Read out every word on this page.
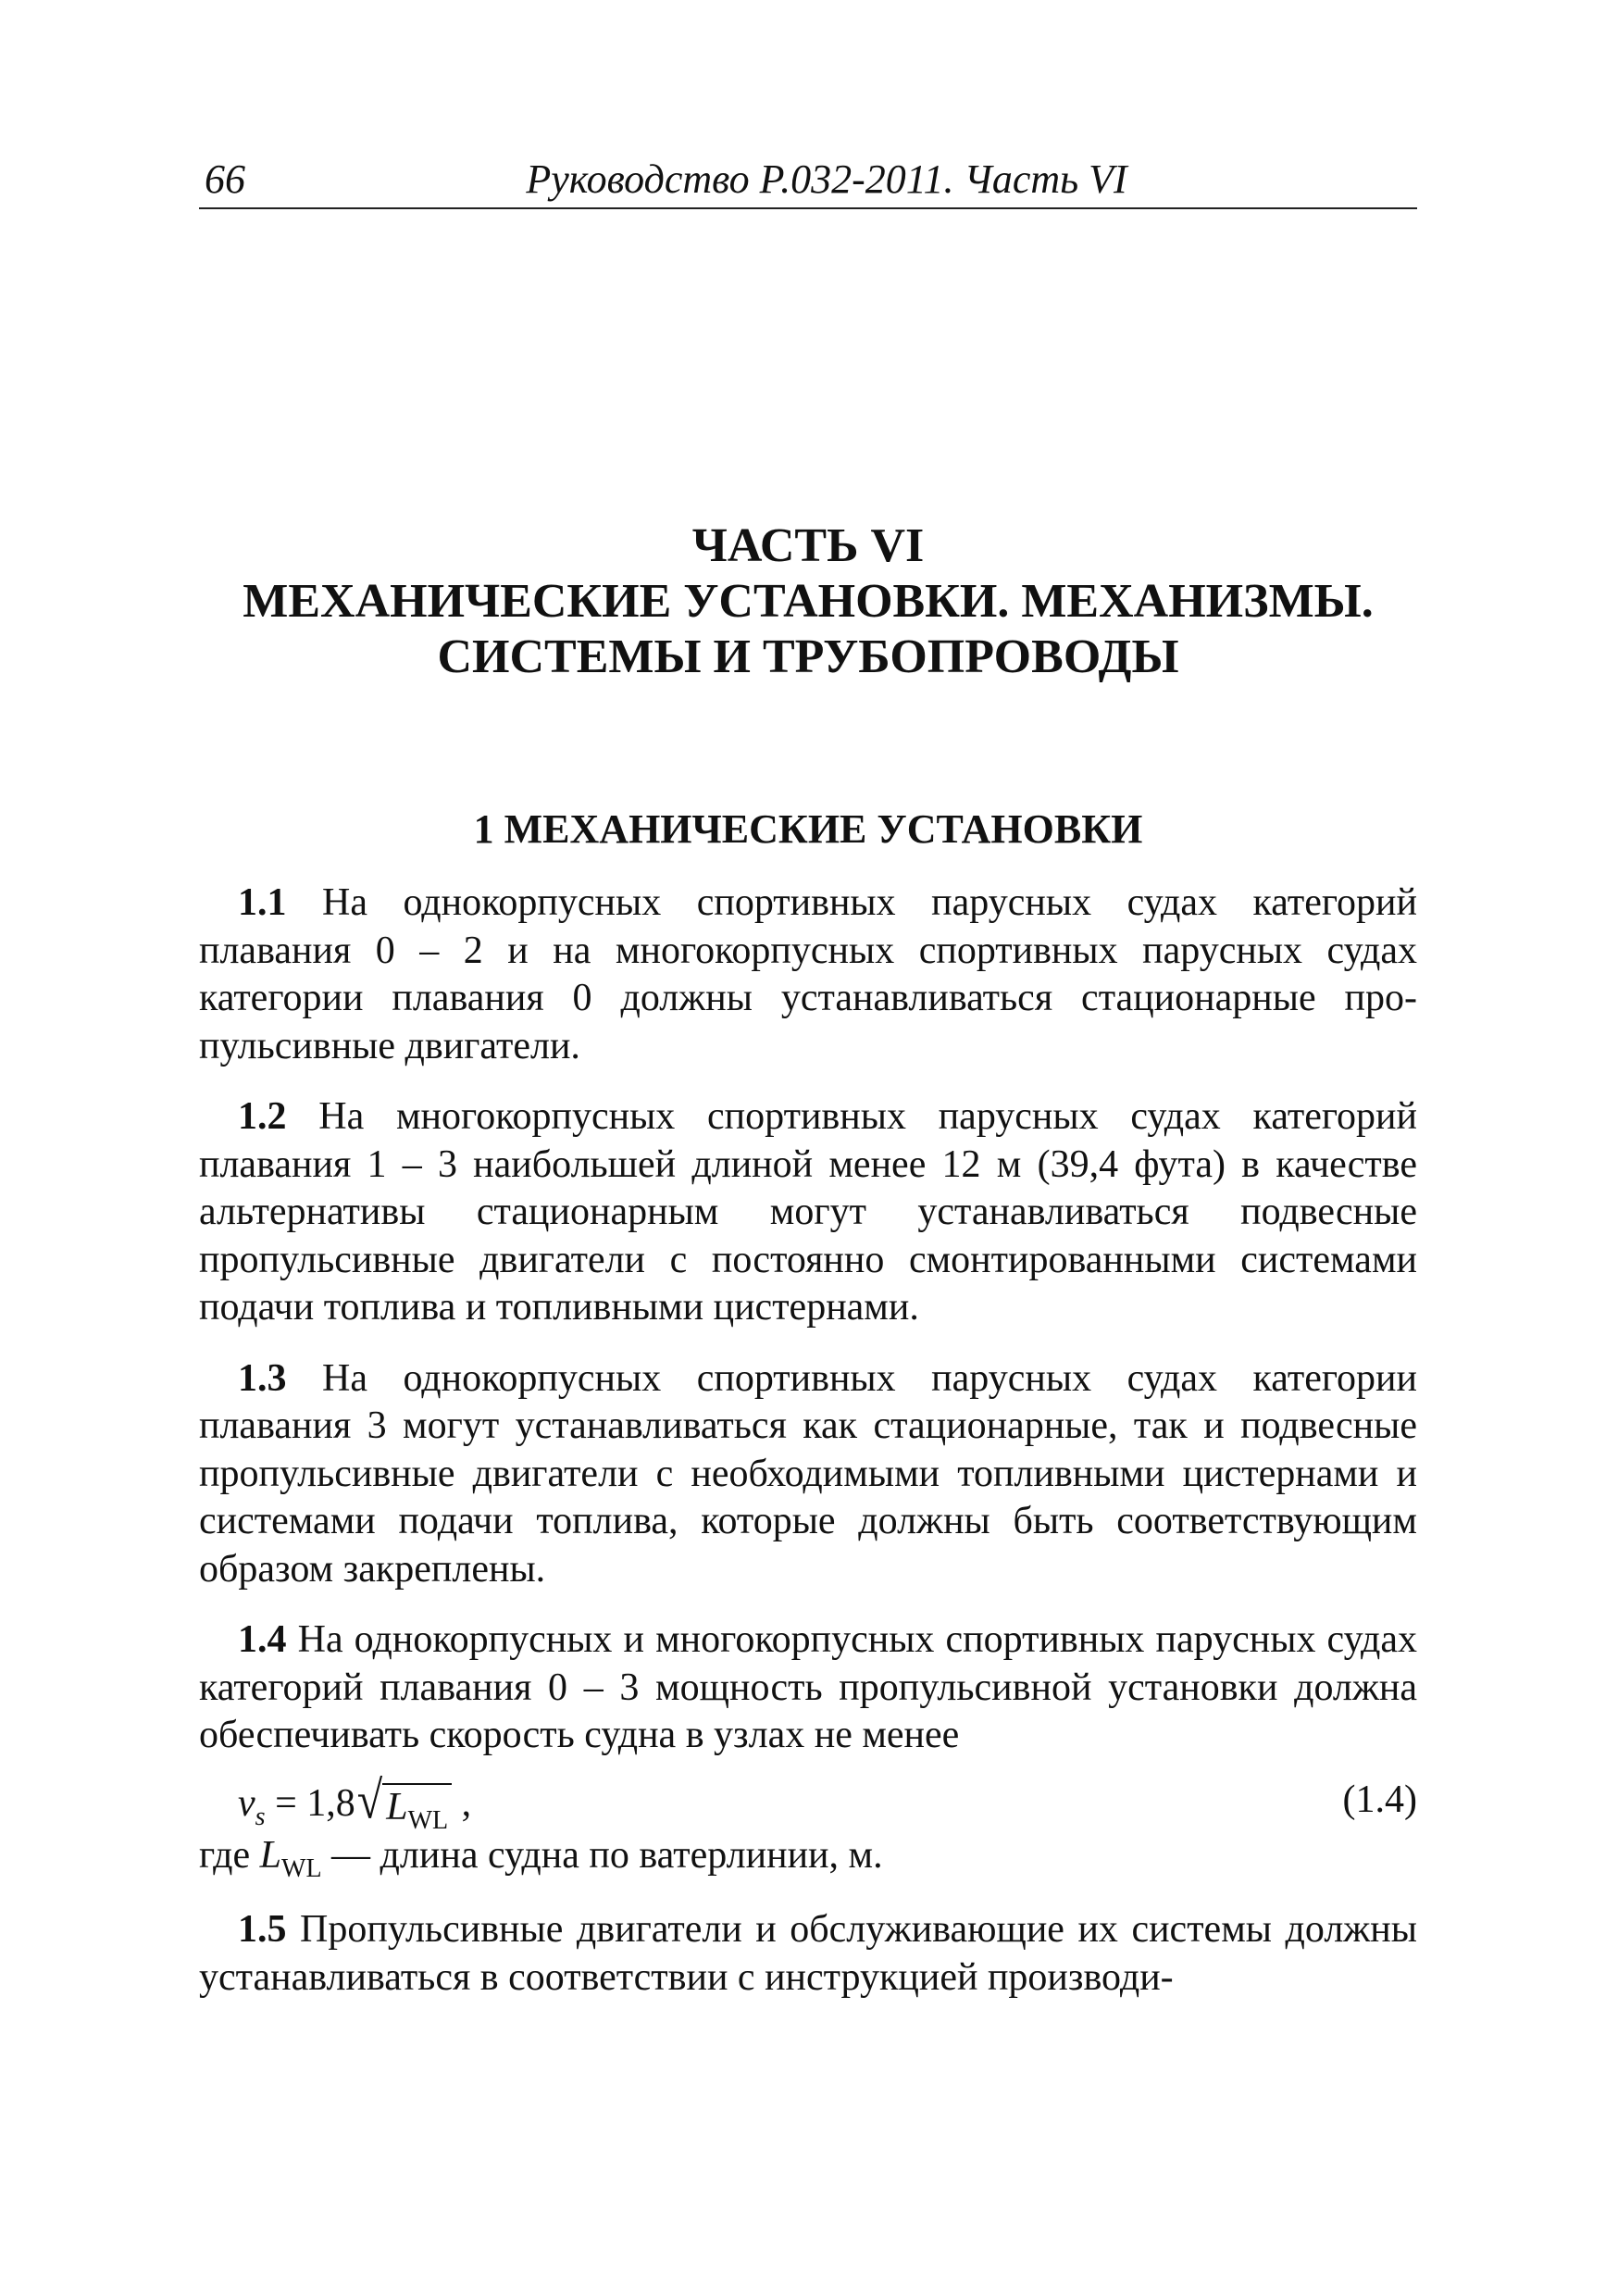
66	Руководство Р.032-2011. Часть VI
ЧАСТЬ VI
МЕХАНИЧЕСКИЕ УСТАНОВКИ. МЕХАНИЗМЫ.
СИСТЕМЫ И ТРУБОПРОВОДЫ
1 МЕХАНИЧЕСКИЕ УСТАНОВКИ

1.1 На однокорпусных спортивных парусных судах категорий плавания 0 – 2 и на многокорпусных спортивных парусных судах категории плавания 0 должны устанавливаться стационарные пропульсивные двигатели.

1.2 На многокорпусных спортивных парусных судах категорий плавания 1 – 3 наибольшей длиной менее 12 м (39,4 фута) в качестве альтернативы стационарным могут устанавливаться подвесные пропульсивные двигатели с постоянно смонтированными системами подачи топлива и топливными цистернами.

1.3 На однокорпусных спортивных парусных судах категории плавания 3 могут устанавливаться как стационарные, так и подвесные пропульсивные двигатели с необходимыми топливными цистернами и системами подачи топлива, которые должны быть соответствующим образом закреплены.

1.4 На однокорпусных и многокорпусных спортивных парусных судах категорий плавания 0 – 3 мощность пропульсивной установки должна обеспечивать скорость судна в узлах не менее

$v_s = 1,8√L_{WL}$ ,	(1.4)
где $L_{WL}$ — длина судна по ватерлинии, м.

1.5 Пропульсивные двигатели и обслуживающие их системы должны устанавливаться в соответствии с инструкцией производи-
